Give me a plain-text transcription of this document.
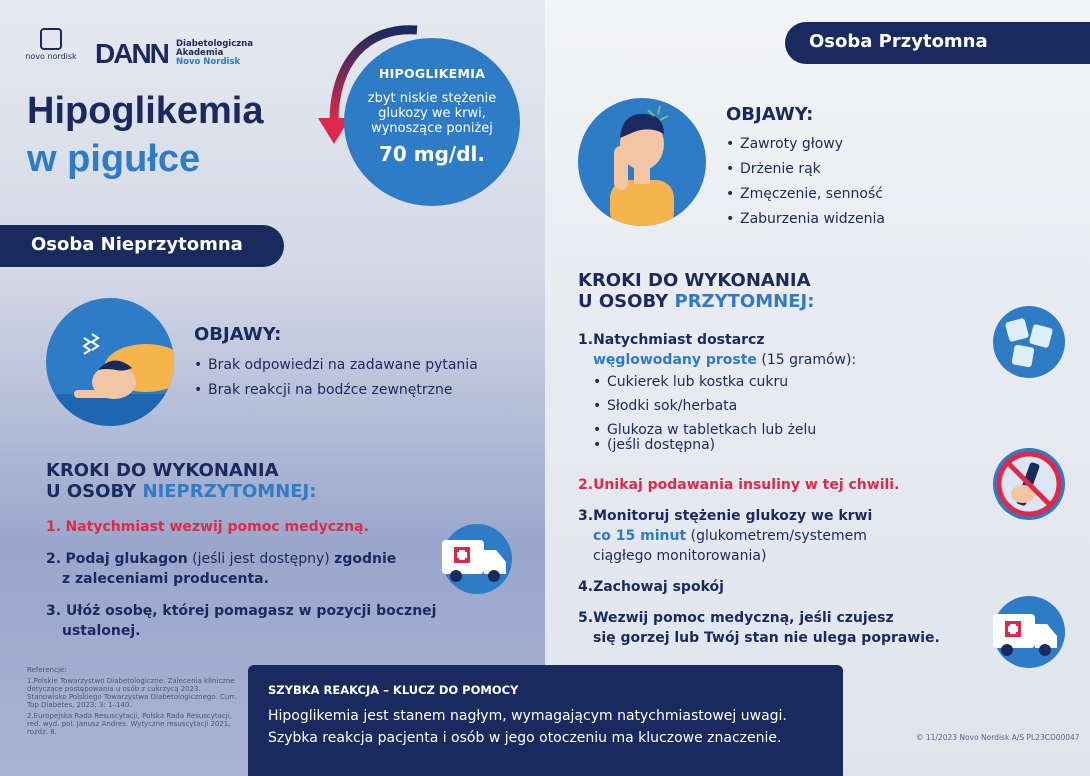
novo nordisk DANN Diabetologiczna
Akademia
Novo Nordisk
Hipoglikemia
w pigułce
HIPOGLIKEMIA
zbyt niskie stężenie glukozy we krwi, wynoszące poniżej
70 mg/dl.
Osoba Nieprzytomna
OBJAWY:
• Brak odpowiedzi na zadawane pytania
• Brak reakcji na bodźce zewnętrzne
KROKI DO WYKONANIA
U OSOBY NIEPRZYTOMNEJ:
1. Natychmiast wezwij pomoc medyczną.
2. Podaj glukagon (jeśli jest dostępny) zgodnie
z zaleceniami producenta.
3. Ułóż osobę, której pomagasz w pozycji bocznej
ustalonej.
Referencje:
1.Polskie Towarzystwo Diabetologiczne: Zalecenia kliniczne dotyczące postępowania u osób z cukrzycą 2023. Stanowisko Polskiego Towarzystwa Diabetologicznego. Curr. Top Diabetes, 2023; 3: 1–140.
2.Europejska Rada Resuscytacji, Polska Rada Resuscytacji, red. wyd. pol. Janusz Andres. Wytyczne resuscytacji 2021, rozdz. 8.
SZYBKA REAKCJA – KLUCZ DO POMOCY
Hipoglikemia jest stanem nagłym, wymagającym natychmiastowej uwagi.
Szybka reakcja pacjenta i osób w jego otoczeniu ma kluczowe znaczenie.	© 11/2023 Novo Nordisk A/S PL23CD00047
Osoba Przytomna
OBJAWY:
• Zawroty głowy
• Drżenie rąk
• Zmęczenie, senność
• Zaburzenia widzenia
KROKI DO WYKONANIA
U OSOBY PRZYTOMNEJ:
1.Natychmiast dostarcz
węglowodany proste (15 gramów):
• Cukierek lub kostka cukru
• Słodki sok/herbata
• Glukoza w tabletkach lub żelu
• (jeśli dostępna)
2.Unikaj podawania insuliny w tej chwili.
3.Monitoruj stężenie glukozy we krwi
co 15 minut (glukometrem/systemem
ciągłego monitorowania)
4.Zachowaj spokój
5.Wezwij pomoc medyczną, jeśli czujesz
się gorzej lub Twój stan nie ulega poprawie.
